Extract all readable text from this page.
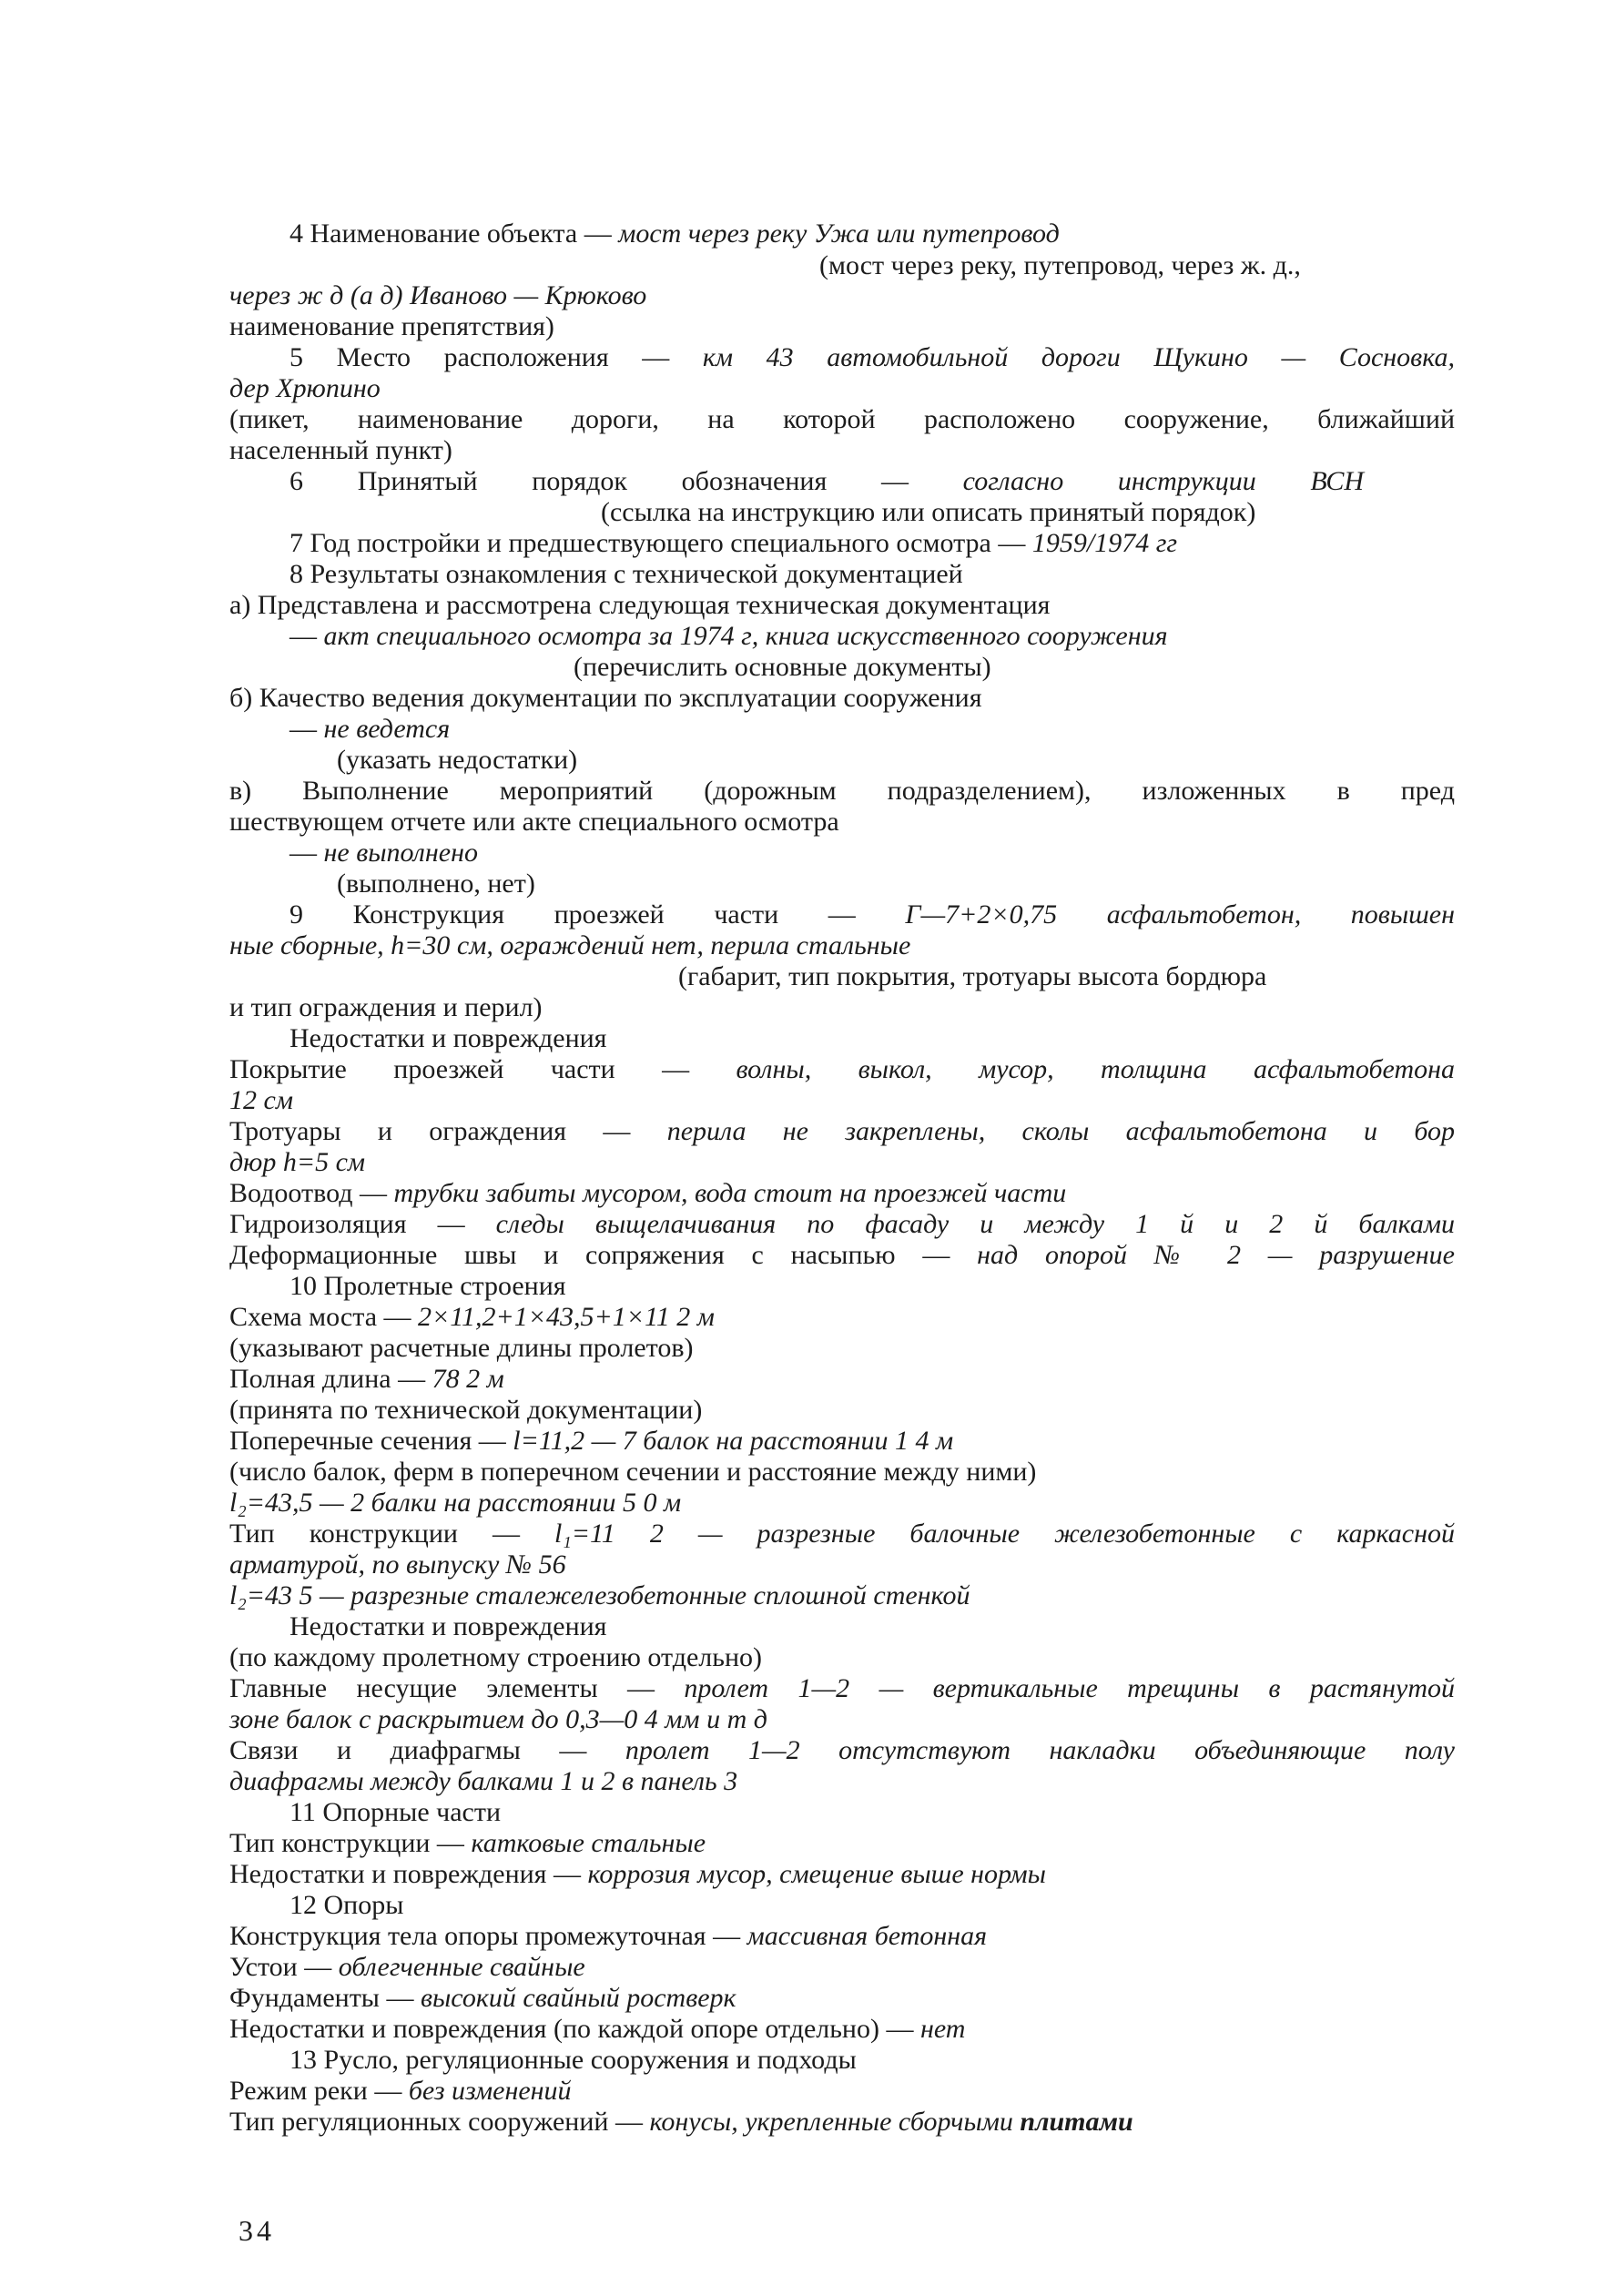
4 Наименование объекта — мост через реку Ужа или путепровод
(мост через реку, путепровод, через ж. д.,
через ж д (а д) Иваново — Крюково
наименование препятствия)
5 Место расположения — км 43 автомобильной дороги Щукино — Сосновка,
дер Хрюпино
(пикет, наименование дороги, на которой расположено сооружение, ближайший
населенный пункт)
6 Принятый порядок обозначения — согласно инструкции ВСН
(ссылка на инструкцию или описать принятый порядок)
7 Год постройки и предшествующего специального осмотра — 1959/1974 гг
8 Результаты ознакомления с технической документацией
а) Представлена и рассмотрена следующая техническая документация
— акт специального осмотра за 1974 г, книга искусственного сооружения
(перечислить основные документы)
б) Качество ведения документации по эксплуатации сооружения
— не ведется
(указать недостатки)
в) Выполнение мероприятий (дорожным подразделением), изложенных в пред
шествующем отчете или акте специального осмотра
— не выполнено
(выполнено, нет)
9 Конструкция проезжей части — Г—7+2×0,75 асфальтобетон, повышен
ные сборные, h=30 см, ограждений нет, перила стальные
(габарит, тип покрытия, тротуары высота бордюра
и тип ограждения и перил)
Недостатки и повреждения
Покрытие проезжей части — волны, выкол, мусор, толщина асфальтобетона
12 см
Тротуары и ограждения — перила не закреплены, сколы асфальтобетона и бор
дюр h=5 см
Водоотвод — трубки забиты мусором, вода стоит на проезжей части
Гидроизоляция — следы выщелачивания по фасаду и между 1 й и 2 й балками
Деформационные швы и сопряжения с насыпью — над опорой № 2 — разрушение
10 Пролетные строения
Схема моста — 2×11,2+1×43,5+1×11 2 м
(указывают расчетные длины пролетов)
Полная длина — 78 2 м
(принята по технической документации)
Поперечные сечения — l=11,2 — 7 балок на расстоянии 1 4 м
(число балок, ферм в поперечном сечении и расстояние между ними)
l₂=43,5 — 2 балки на расстоянии 5 0 м
Тип конструкции — l₁=11 2 — разрезные балочные железобетонные с каркасной
арматурой, по выпуску № 56
l₂=43 5 — разрезные сталежелезобетонные сплошной стенкой
Недостатки и повреждения
(по каждому пролетному строению отдельно)
Главные несущие элементы — пролет 1—2 — вертикальные трещины в растянутой
зоне балок с раскрытием до 0,3—0 4 мм и т д
Связи и диафрагмы — пролет 1—2 отсутствуют накладки объединяющие полу
диафрагмы между балками 1 и 2 в панель 3
11 Опорные части
Тип конструкции — катковые стальные
Недостатки и повреждения — коррозия мусор, смещение выше нормы
12 Опоры
Конструкция тела опоры промежуточная — массивная бетонная
Устои — облегченные свайные
Фундаменты — высокий свайный ростверк
Недостатки и повреждения (по каждой опоре отдельно) — нет
13 Русло, регуляционные сооружения и подходы
Режим реки — без изменений
Тип регуляционных сооружений — конусы, укрепленные сборчыми плитами
34
